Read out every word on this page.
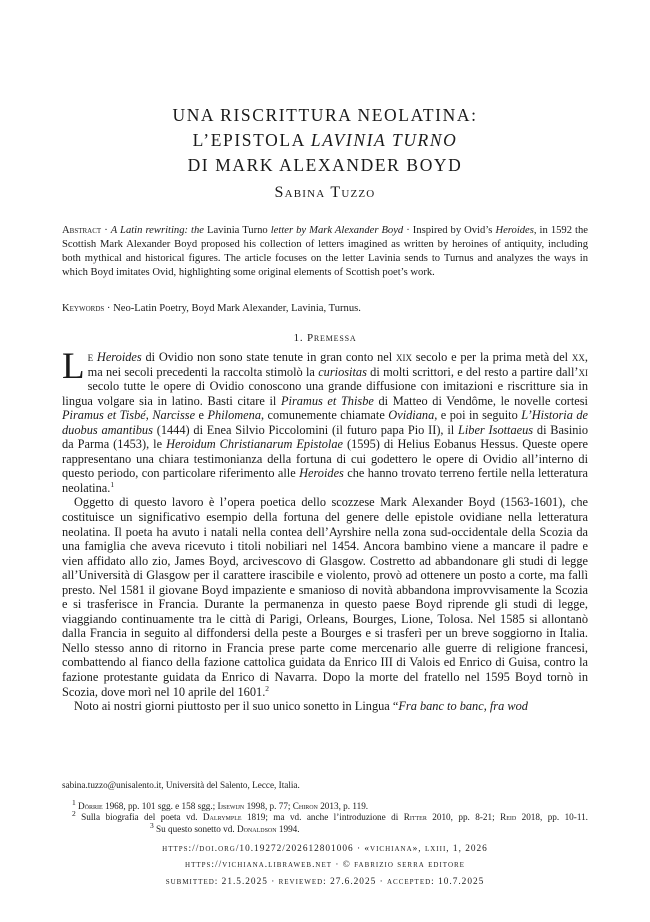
UNA RISCRITTURA NEOLATINA:
L’EPISTOLA LAVINIA TURNO
DI MARK ALEXANDER BOYD
Sabina Tuzzo
Abstract · A Latin rewriting: the Lavinia Turno letter by Mark Alexander Boyd · Inspired by Ovid’s Heroides, in 1592 the Scottish Mark Alexander Boyd proposed his collection of letters imagined as written by heroines of antiquity, including both mythical and historical figures. The article focuses on the letter Lavinia sends to Turnus and analyzes the ways in which Boyd imitates Ovid, highlighting some original elements of Scottish poet’s work.
Keywords · Neo-Latin Poetry, Boyd Mark Alexander, Lavinia, Turnus.
1. Premessa

Le Heroides di Ovidio non sono state tenute in gran conto nel xix secolo e per la prima metà del xx, ma nei secoli precedenti la raccolta stimolò la curiositas di molti scrittori, e del resto a partire dall’xi secolo tutte le opere di Ovidio conoscono una grande diffusione con imitazioni e riscritture sia in lingua volgare sia in latino. Basti citare il Piramus et Thisbe di Matteo di Vendôme, le novelle cortesi Piramus et Tisbé, Narcisse e Philomena, comunemente chiamate Ovidiana, e poi in seguito L’Historia de duobus amantibus (1444) di Enea Silvio Piccolomini (il futuro papa Pio II), il Liber Isottaeus di Basinio da Parma (1453), le Heroidum Christianarum Epistolae (1595) di Helius Eobanus Hessus. Queste opere rappresentano una chiara testimonianza della fortuna di cui godettero le opere di Ovidio all’interno di questo periodo, con particolare riferimento alle Heroides che hanno trovato terreno fertile nella letteratura neolatina.$^1$

Oggetto di questo lavoro è l’opera poetica dello scozzese Mark Alexander Boyd (1563-1601), che costituisce un significativo esempio della fortuna del genere delle epistole ovidiane nella letteratura neolatina. Il poeta ha avuto i natali nella contea dell’Ayrshire nella zona sud-occidentale della Scozia da una famiglia che aveva ricevuto i titoli nobiliari nel 1454. Ancora bambino viene a mancare il padre e vien affidato allo zio, James Boyd, arcivescovo di Glasgow. Costretto ad abbandonare gli studi di legge all’Università di Glasgow per il carattere irascibile e violento, provò ad ottenere un posto a corte, ma fallì presto. Nel 1581 il giovane Boyd impaziente e smanioso di novità abbandona improvvisamente la Scozia e si trasferisce in Francia. Durante la permanenza in questo paese Boyd riprende gli studi di legge, viaggiando continuamente tra le città di Parigi, Orleans, Bourges, Lione, Tolosa. Nel 1585 si allontanò dalla Francia in seguito al diffondersi della peste a Bourges e si trasferì per un breve soggiorno in Italia. Nello stesso anno di ritorno in Francia prese parte come mercenario alle guerre di religione francesi, combattendo al fianco della fazione cattolica guidata da Enrico III di Valois ed Enrico di Guisa, contro la fazione protestante guidata da Enrico di Navarra. Dopo la morte del fratello nel 1595 Boyd tornò in Scozia, dove morì nel 10 aprile del 1601.$^2$

Noto ai nostri giorni piuttosto per il suo unico sonetto in Lingua “Fra banc to banc, fra wod

sabina.tuzzo@unisalento.it, Università del Salento, Lecce, Italia.

$^1$ Dörrie 1968, pp. 101 sgg. e 158 sgg.; Ijsewijn 1998, p. 77; Chiron 2013, p. 119.

$^2$ Sulla biografia del poeta vd. Dalrymple 1819; ma vd. anche l’introduzione di Ritter 2010, pp. 8-21; Reid 2018, pp. 10-11.$^3$ Su questo sonetto vd. Donaldson 1994.

https://doi.org/10.19272/202612801006 · «vichiana», lxiii, 1, 2026
https://vichiana.libraweb.net · © fabrizio serra editore
submitted: 21.5.2025 · reviewed: 27.6.2025 · accepted: 10.7.2025
